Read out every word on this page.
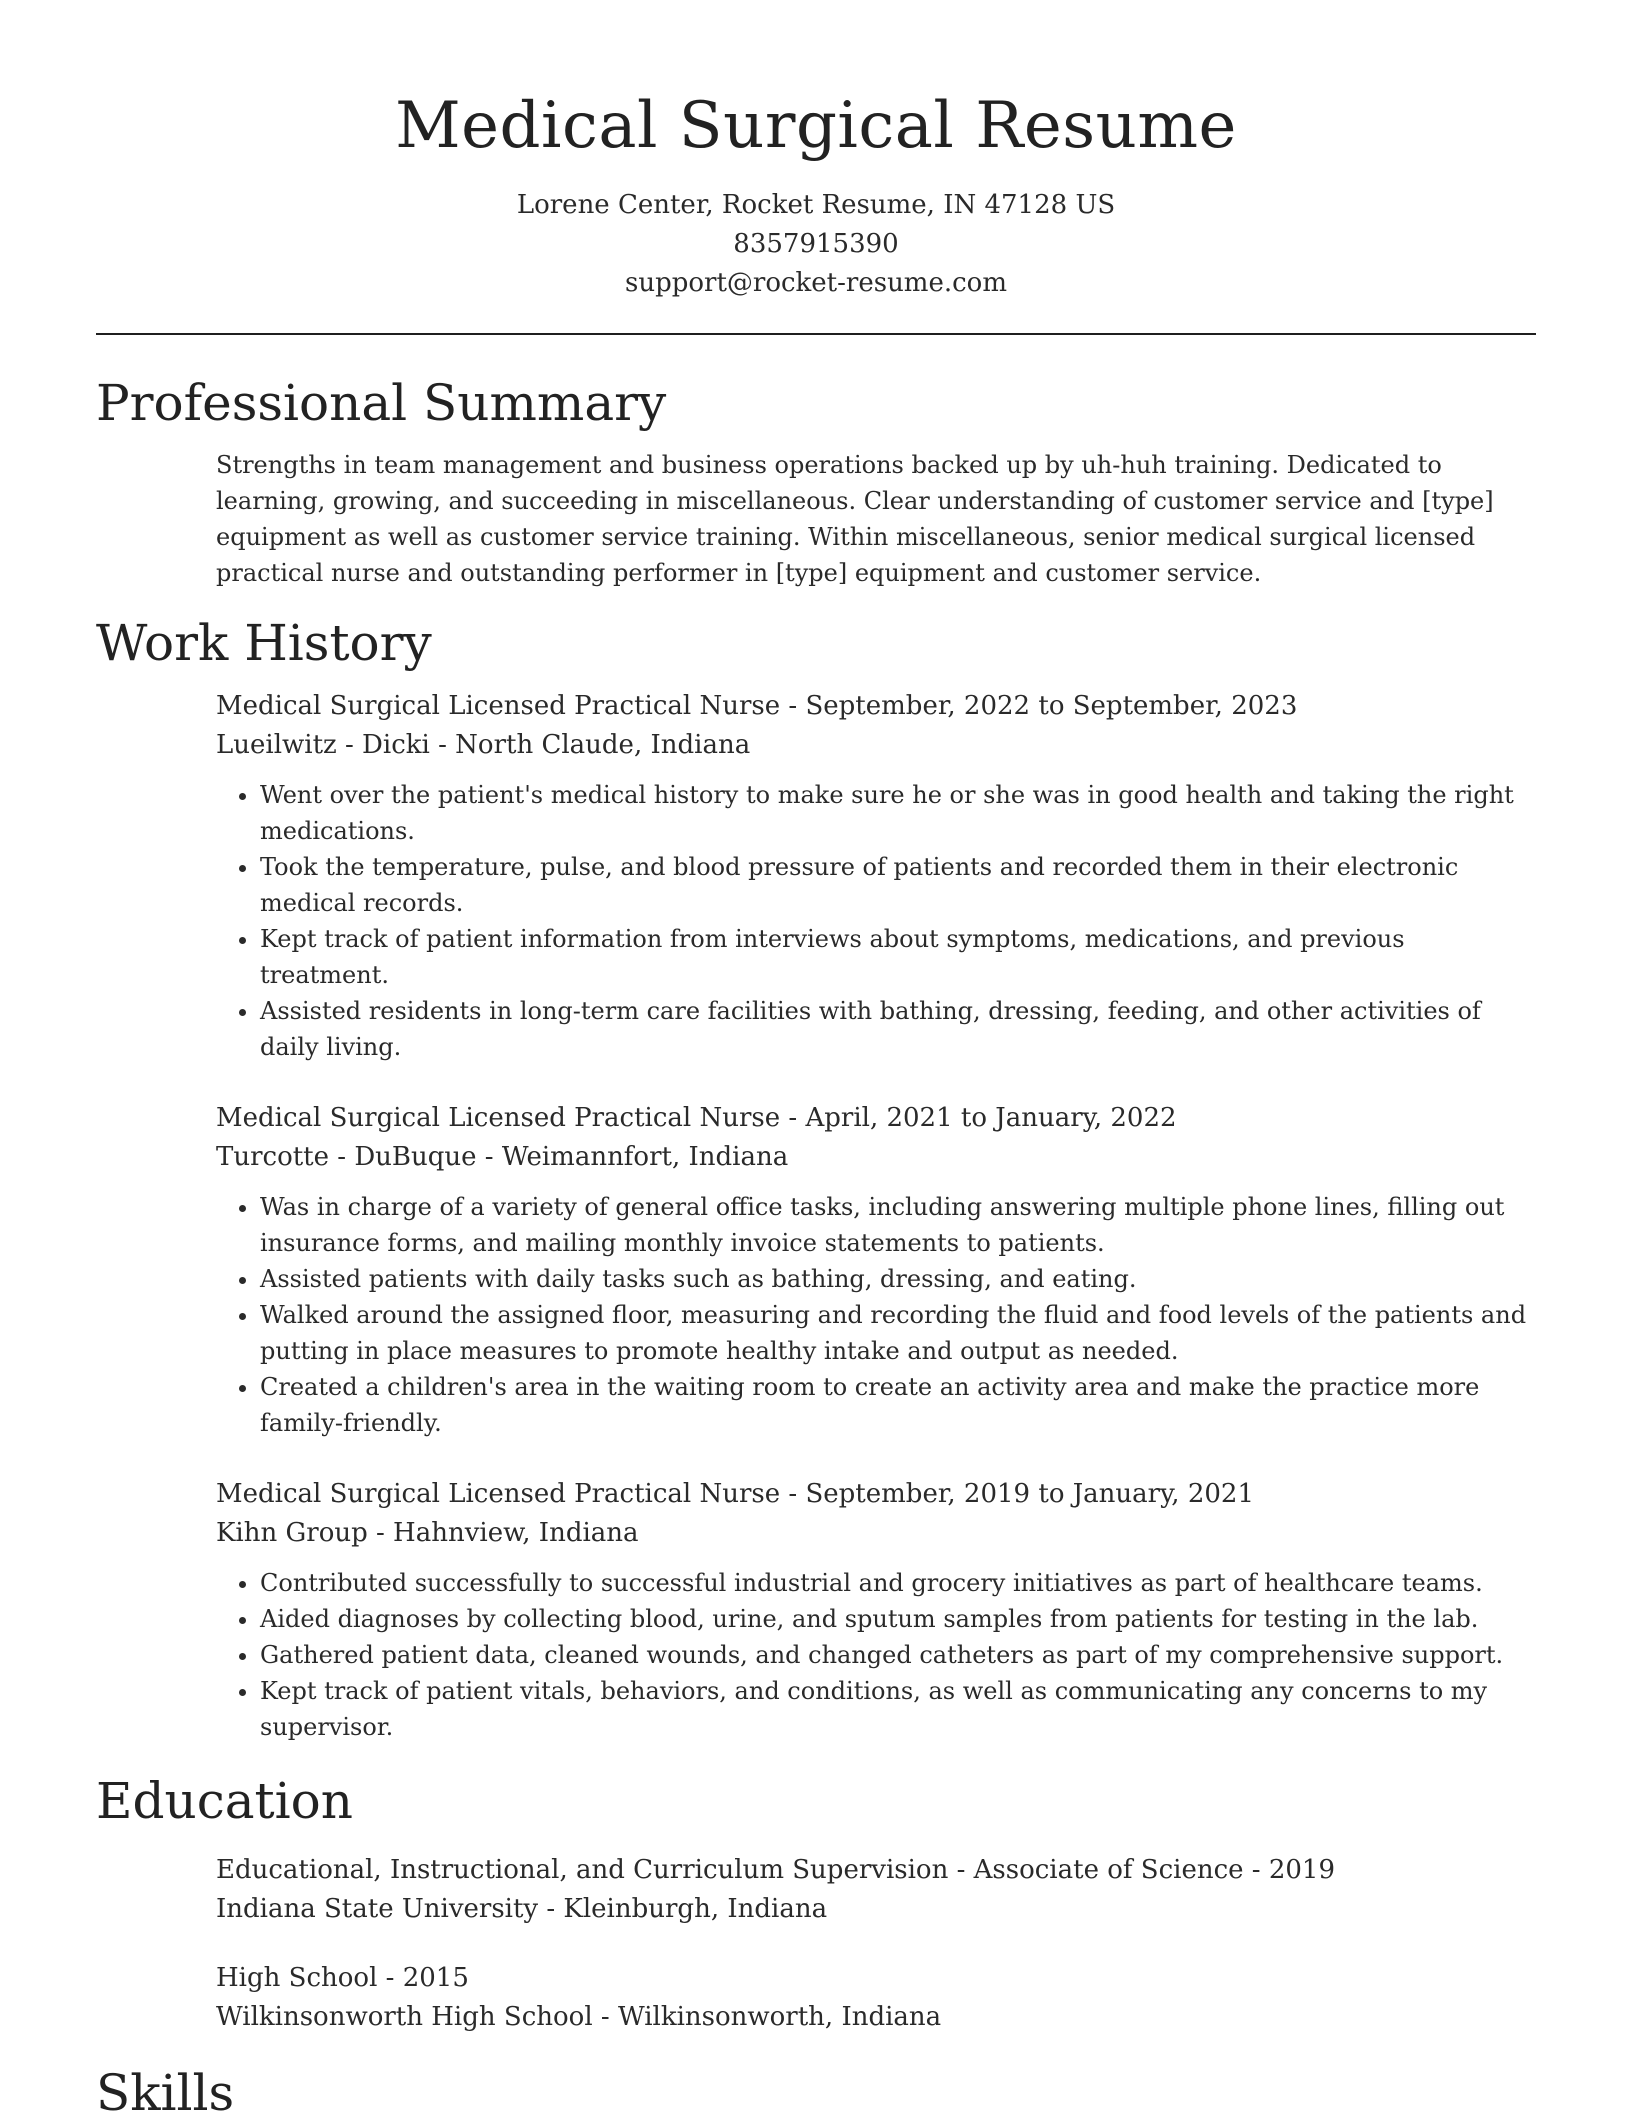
Medical Surgical Resume
Lorene Center, Rocket Resume, IN 47128 US
8357915390
support@rocket-resume.com
Professional Summary
Strengths in team management and business operations backed up by uh-huh training. Dedicated to learning, growing, and succeeding in miscellaneous. Clear understanding of customer service and [type] equipment as well as customer service training. Within miscellaneous, senior medical surgical licensed practical nurse and outstanding performer in [type] equipment and customer service.
Work History
Medical Surgical Licensed Practical Nurse - September, 2022 to September, 2023
Lueilwitz - Dicki - North Claude, Indiana
• Went over the patient's medical history to make sure he or she was in good health and taking the right medications.
• Took the temperature, pulse, and blood pressure of patients and recorded them in their electronic medical records.
• Kept track of patient information from interviews about symptoms, medications, and previous treatment.
• Assisted residents in long-term care facilities with bathing, dressing, feeding, and other activities of daily living.
Medical Surgical Licensed Practical Nurse - April, 2021 to January, 2022
Turcotte - DuBuque - Weimannfort, Indiana
• Was in charge of a variety of general office tasks, including answering multiple phone lines, filling out insurance forms, and mailing monthly invoice statements to patients.
• Assisted patients with daily tasks such as bathing, dressing, and eating.
• Walked around the assigned floor, measuring and recording the fluid and food levels of the patients and putting in place measures to promote healthy intake and output as needed.
• Created a children's area in the waiting room to create an activity area and make the practice more family-friendly.
Medical Surgical Licensed Practical Nurse - September, 2019 to January, 2021
Kihn Group - Hahnview, Indiana
• Contributed successfully to successful industrial and grocery initiatives as part of healthcare teams.
• Aided diagnoses by collecting blood, urine, and sputum samples from patients for testing in the lab.
• Gathered patient data, cleaned wounds, and changed catheters as part of my comprehensive support.
• Kept track of patient vitals, behaviors, and conditions, as well as communicating any concerns to my supervisor.
Education
Educational, Instructional, and Curriculum Supervision - Associate of Science - 2019
Indiana State University - Kleinburgh, Indiana
High School - 2015
Wilkinsonworth High School - Wilkinsonworth, Indiana
Skills
